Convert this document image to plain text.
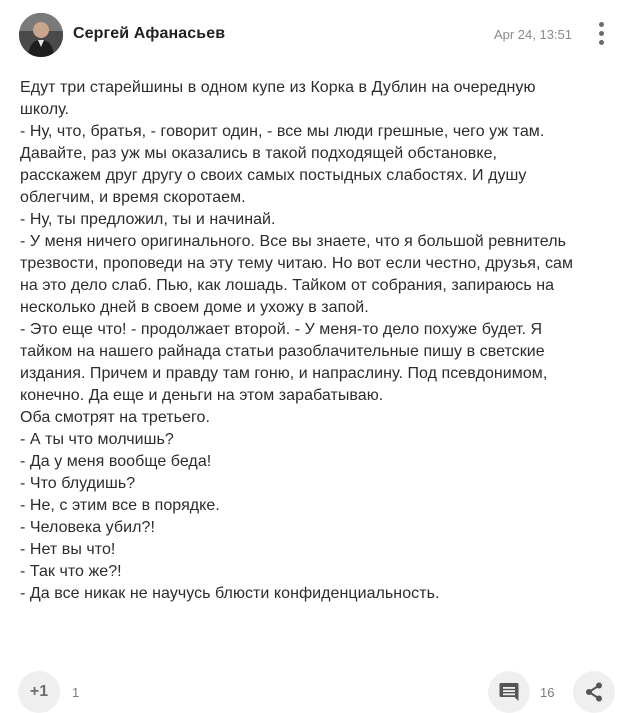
Сергей Афанасьев	Apr 24, 13:51
Едут три старейшины в одном купе из Корка в Дублин на очередную
школу.
- Ну, что, братья, - говорит один, - все мы люди грешные, чего уж там.
Давайте, раз уж мы оказались в такой подходящей обстановке,
расскажем друг другу о своих самых постыдных слабостях. И душу
облегчим, и время скоротаем.
- Ну, ты предложил, ты и начинай.
- У меня ничего оригинального. Все вы знаете, что я большой ревнитель
трезвости, проповеди на эту тему читаю. Но вот если честно, друзья, сам
на это дело слаб. Пью, как лошадь. Тайком от собрания, запираюсь на
несколько дней в своем доме и ухожу в запой.
- Это еще что! - продолжает второй. - У меня-то дело похуже будет. Я
тайком на нашего райнада статьи разоблачительные пишу в светские
издания. Причем и правду там гоню, и напраслину. Под псевдонимом,
конечно. Да еще и деньги на этом зарабатываю.
Оба смотрят на третьего.
- А ты что молчишь?
- Да у меня вообще беда!
- Что блудишь?
- Не, с этим все в порядке.
- Человека убил?!
- Нет вы что!
- Так что же?!
- Да все никак не научусь блюсти конфиденциальность.
+1	1	16
